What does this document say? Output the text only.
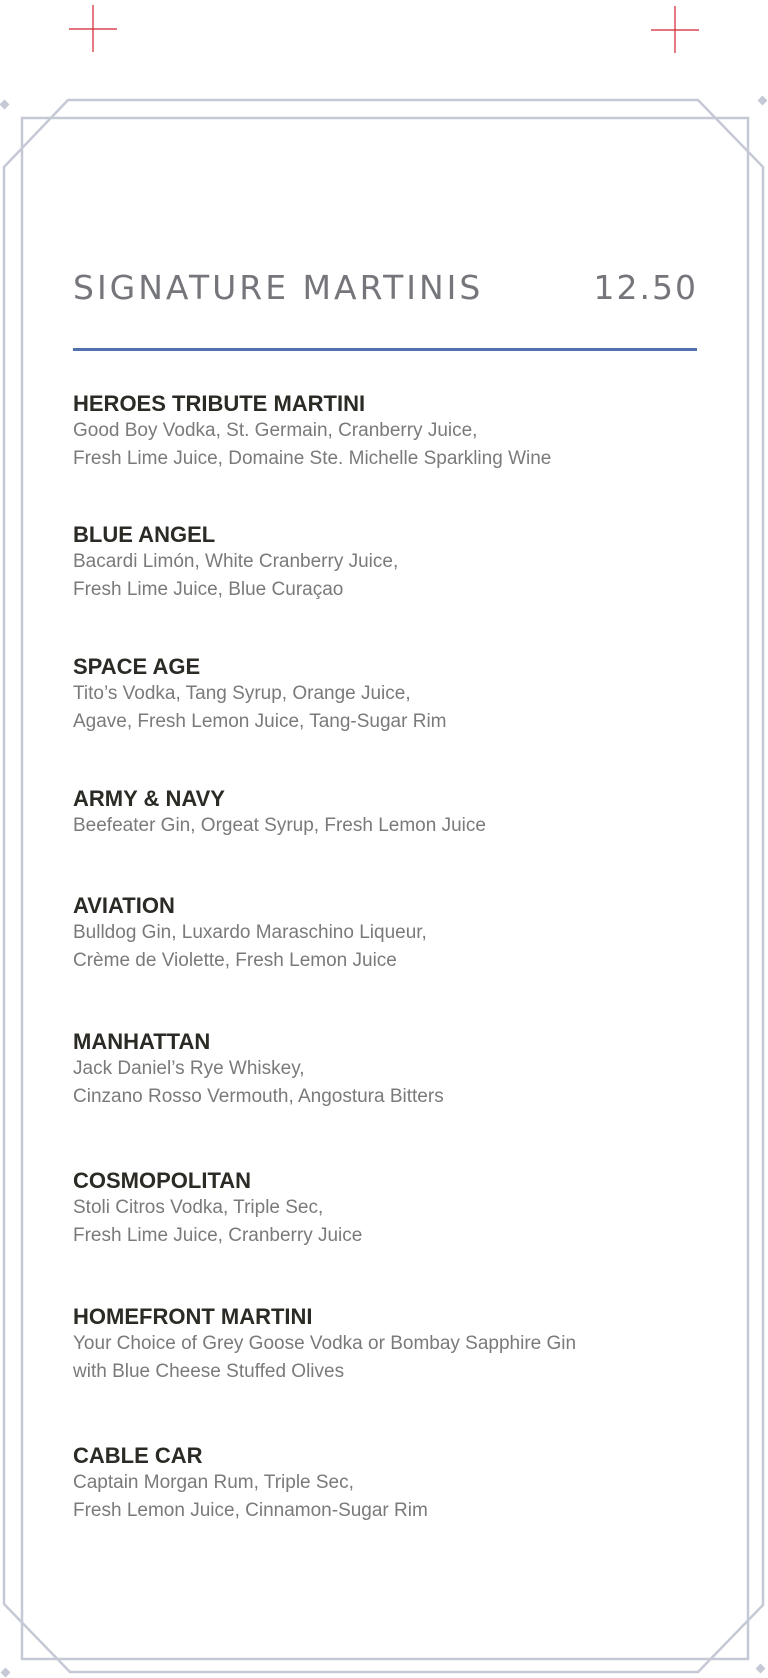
SIGNATURE MARTINIS	12.50

HEROES TRIBUTE MARTINI

Good Boy Vodka, St. Germain, Cranberry Juice,

Fresh Lime Juice, Domaine Ste. Michelle Sparkling Wine

BLUE ANGEL

Bacardi Limón, White Cranberry Juice,

Fresh Lime Juice, Blue Curaçao

SPACE AGE

Tito’s Vodka, Tang Syrup, Orange Juice,

Agave, Fresh Lemon Juice, Tang-Sugar Rim

ARMY & NAVY

Beefeater Gin, Orgeat Syrup, Fresh Lemon Juice

AVIATION

Bulldog Gin, Luxardo Maraschino Liqueur,

Crème de Violette, Fresh Lemon Juice

MANHATTAN

Jack Daniel’s Rye Whiskey,

Cinzano Rosso Vermouth, Angostura Bitters

COSMOPOLITAN

Stoli Citros Vodka, Triple Sec,

Fresh Lime Juice, Cranberry Juice

HOMEFRONT MARTINI

Your Choice of Grey Goose Vodka or Bombay Sapphire Gin

with Blue Cheese Stuffed Olives

CABLE CAR

Captain Morgan Rum, Triple Sec,

Fresh Lemon Juice, Cinnamon-Sugar Rim
